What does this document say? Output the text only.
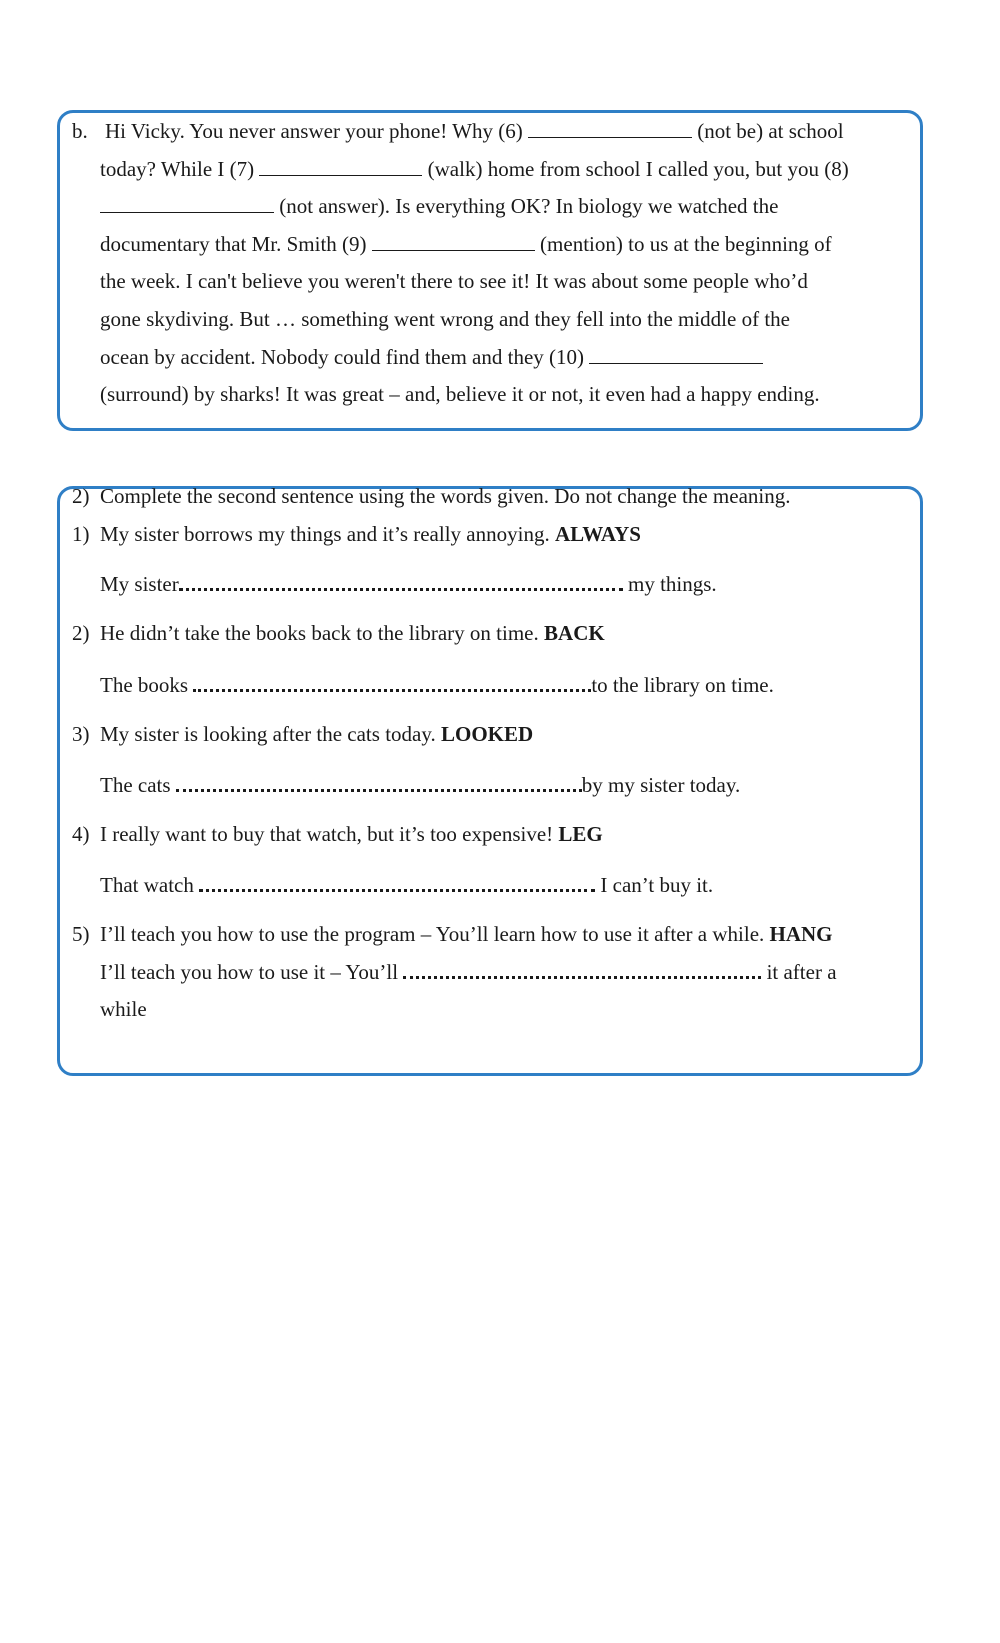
b. Hi Vicky. You never answer your phone! Why (6)	(not be) at school
today? While I (7)	(walk) home from school I called you, but you (8)
(not answer). Is everything OK? In biology we watched the
documentary that Mr. Smith (9)	(mention) to us at the beginning of
the week. I can't believe you weren't there to see it! It was about some people who’d
gone skydiving. But … something went wrong and they fell into the middle of the
ocean by accident. Nobody could find them and they (10)
(surround) by sharks! It was great – and, believe it or not, it even had a happy ending.
2) Complete the second sentence using the words given. Do not change the meaning.
1) My sister borrows my things and it’s really annoying. ALWAYS
My sister	my things.
2) He didn’t take the books back to the library on time. BACK
The books	to the library on time.
3) My sister is looking after the cats today. LOOKED
The cats	by my sister today.
4) I really want to buy that watch, but it’s too expensive! LEG
That watch	I can’t buy it.
5) I’ll teach you how to use the program – You’ll learn how to use it after a while. HANG
I’ll teach you how to use it – You’ll	it after a
while
